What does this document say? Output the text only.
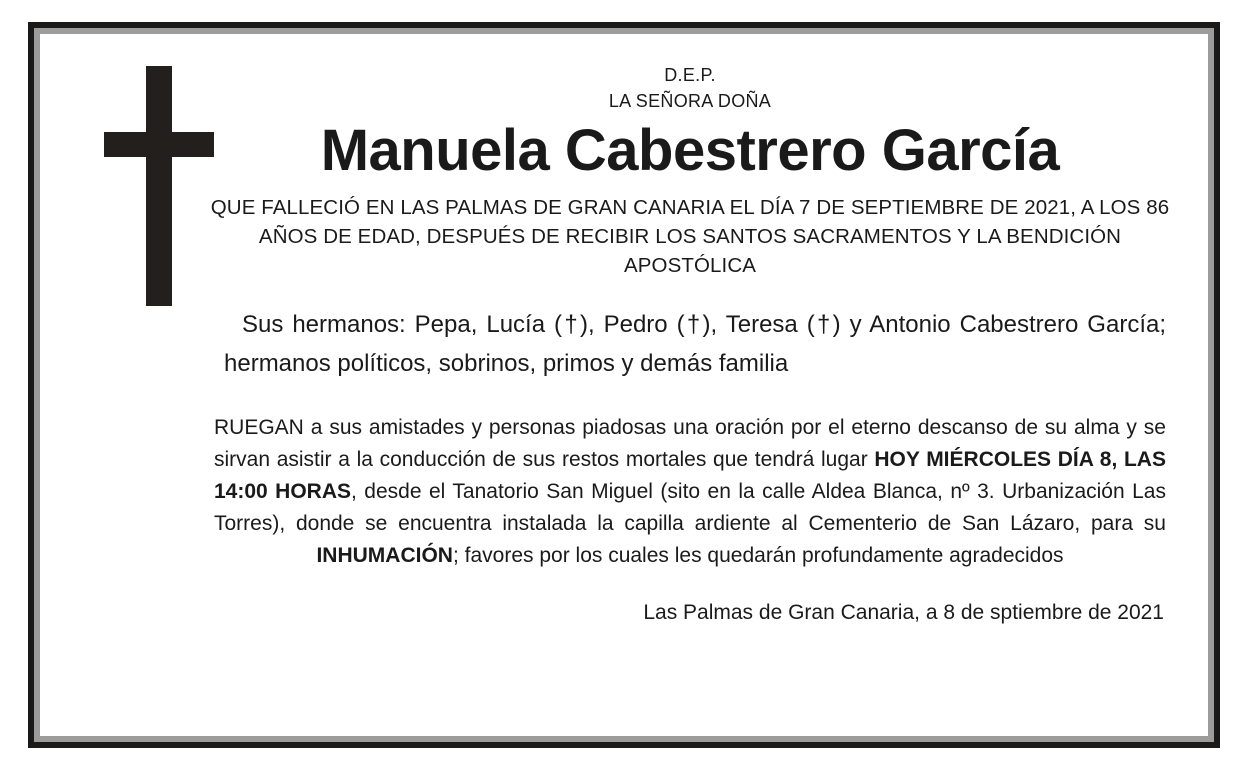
D.E.P.
LA SEÑORA DOÑA
Manuela Cabestrero García
QUE FALLECIÓ EN LAS PALMAS DE GRAN CANARIA EL DÍA 7 DE SEPTIEMBRE DE 2021, A LOS 86 AÑOS DE EDAD, DESPUÉS DE RECIBIR LOS SANTOS SACRAMENTOS Y LA BENDICIÓN APOSTÓLICA
Sus hermanos: Pepa, Lucía (†), Pedro (†), Teresa (†) y Antonio Cabestrero García; hermanos políticos, sobrinos, primos y demás familia
RUEGAN a sus amistades y personas piadosas una oración por el eterno descanso de su alma y se sirvan asistir a la conducción de sus restos mortales que tendrá lugar HOY MIÉRCOLES DÍA 8, LAS 14:00 HORAS, desde el Tanatorio San Miguel (sito en la calle Aldea Blanca, nº 3. Urbanización Las Torres), donde se encuentra instalada la capilla ardiente al Cementerio de San Lázaro, para su INHUMACIÓN; favores por los cuales les quedarán profundamente agradecidos
Las Palmas de Gran Canaria, a 8 de sptiembre de 2021
